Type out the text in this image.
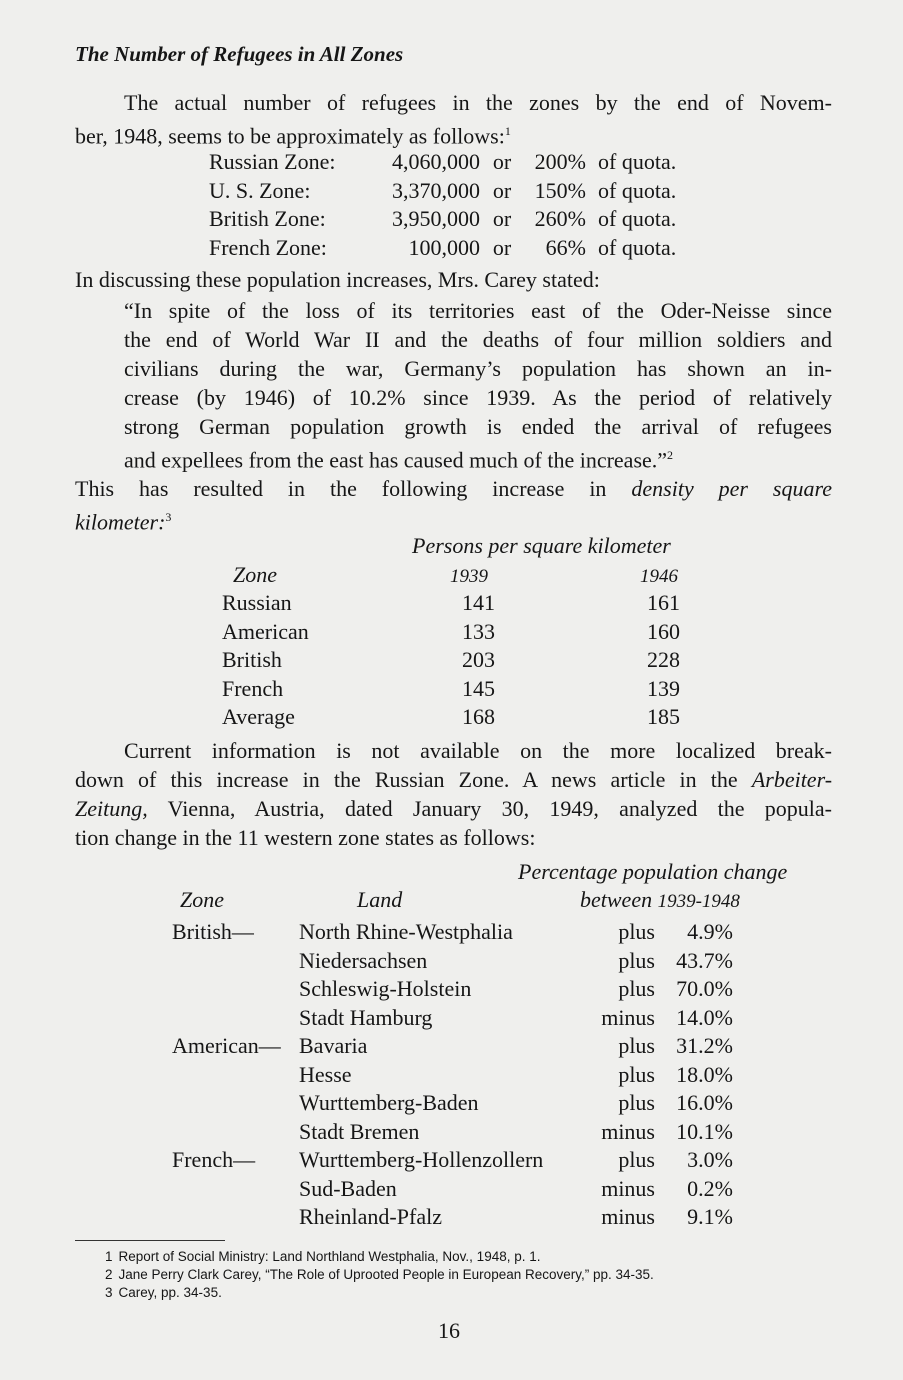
The Number of Refugees in All Zones
The actual number of refugees in the zones by the end of Novem-
ber, 1948, seems to be approximately as follows:$^1$
Russian Zone:	4,060,000	or	200%	of quota.
U. S. Zone:	3,370,000	or	150%	of quota.
British Zone:	3,950,000	or	260%	of quota.
French Zone:	100,000	or	66%	of quota.
In discussing these population increases, Mrs. Carey stated:
“In spite of the loss of its territories east of the Oder-Neisse since
the end of World War II and the deaths of four million soldiers and
civilians during the war, Germany’s population has shown an in-
crease (by 1946) of 10.2% since 1939. As the period of relatively
strong German population growth is ended the arrival of refugees
and expellees from the east has caused much of the increase.”$^2$
This has resulted in the following increase in density per square
kilometer:$^3$
Persons per square kilometer
Zone	1939	1946
Russian	141	161
American	133	160
British	203	228
French	145	139
Average	168	185
Current information is not available on the more localized break-
down of this increase in the Russian Zone. A news article in the Arbeiter-
Zeitung, Vienna, Austria, dated January 30, 1949, analyzed the popula-
tion change in the 11 western zone states as follows:
Percentage population change
Zone	Land	between 1939-1948
British—	North Rhine-Westphalia	plus	4.9%
	Niedersachsen	plus	43.7%
	Schleswig-Holstein	plus	70.0%
	Stadt Hamburg	minus	14.0%
American—	Bavaria	plus	31.2%
	Hesse	plus	18.0%
	Wurttemberg-Baden	plus	16.0%
	Stadt Bremen	minus	10.1%
French—	Wurttemberg-Hollenzollern	plus	3.0%
	Sud-Baden	minus	0.2%
	Rheinland-Pfalz	minus	9.1%
1 Report of Social Ministry: Land Northland Westphalia, Nov., 1948, p. 1.
2 Jane Perry Clark Carey, “The Role of Uprooted People in European Recovery,” pp. 34-35.
3 Carey, pp. 34-35.
16
